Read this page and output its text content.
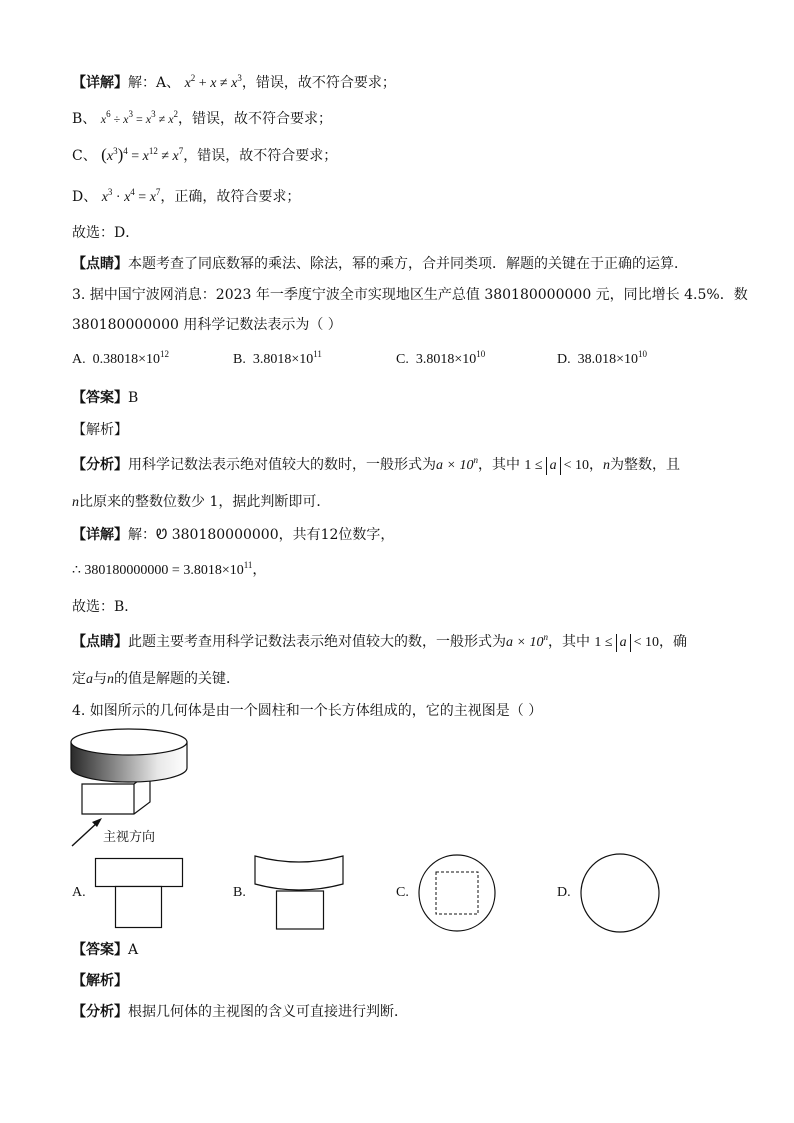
【详解】解：A、 $x^2 + x \ne x^3$，错误，故不符合要求；
B、 $x^6 \div x^3 = x^3 \ne x^2$，错误，故不符合要求；
C、 $(x^3)^4 = x^{12} \ne x^7$，错误，故不符合要求；
D、 $x^3 \cdot x^4 = x^7$，正确，故符合要求；
故选：D．
【点睛】本题考查了同底数幂的乘法、除法，幂的乘方，合并同类项．解题的关键在于正确的运算．
3. 据中国宁波网消息：2023 年一季度宁波全市实现地区生产总值 380180000000 元，同比增长 4.5%．数
380180000000 用科学记数法表示为（ ）
A. $0.38018\times 10^{12}$	B. $3.8018\times 10^{11}$	C. $3.8018\times 10^{10}$	D. $38.018\times 10^{10}$
【答案】B
【解析】
【分析】用科学记数法表示绝对值较大的数时，一般形式为$a \times 10^n$，其中 1 ≤ a < 10，n为整数，且
n比原来的整数位数少 1，据此判断即可．
【详解】解：Ꮼ 380180000000，共有12位数字，
∴ $380180000000 = 3.8018\times 10^{11}$，
故选：B．
【点睛】此题主要考查用科学记数法表示绝对值较大的数，一般形式为$a \times 10^n$，其中 1 ≤ a < 10，确
定a与n的值是解题的关键．
4. 如图所示的几何体是由一个圆柱和一个长方体组成的，它的主视图是（ ）
主视方向
A.	B.	C.	D.
【答案】A
【解析】
【分析】根据几何体的主视图的含义可直接进行判断．
